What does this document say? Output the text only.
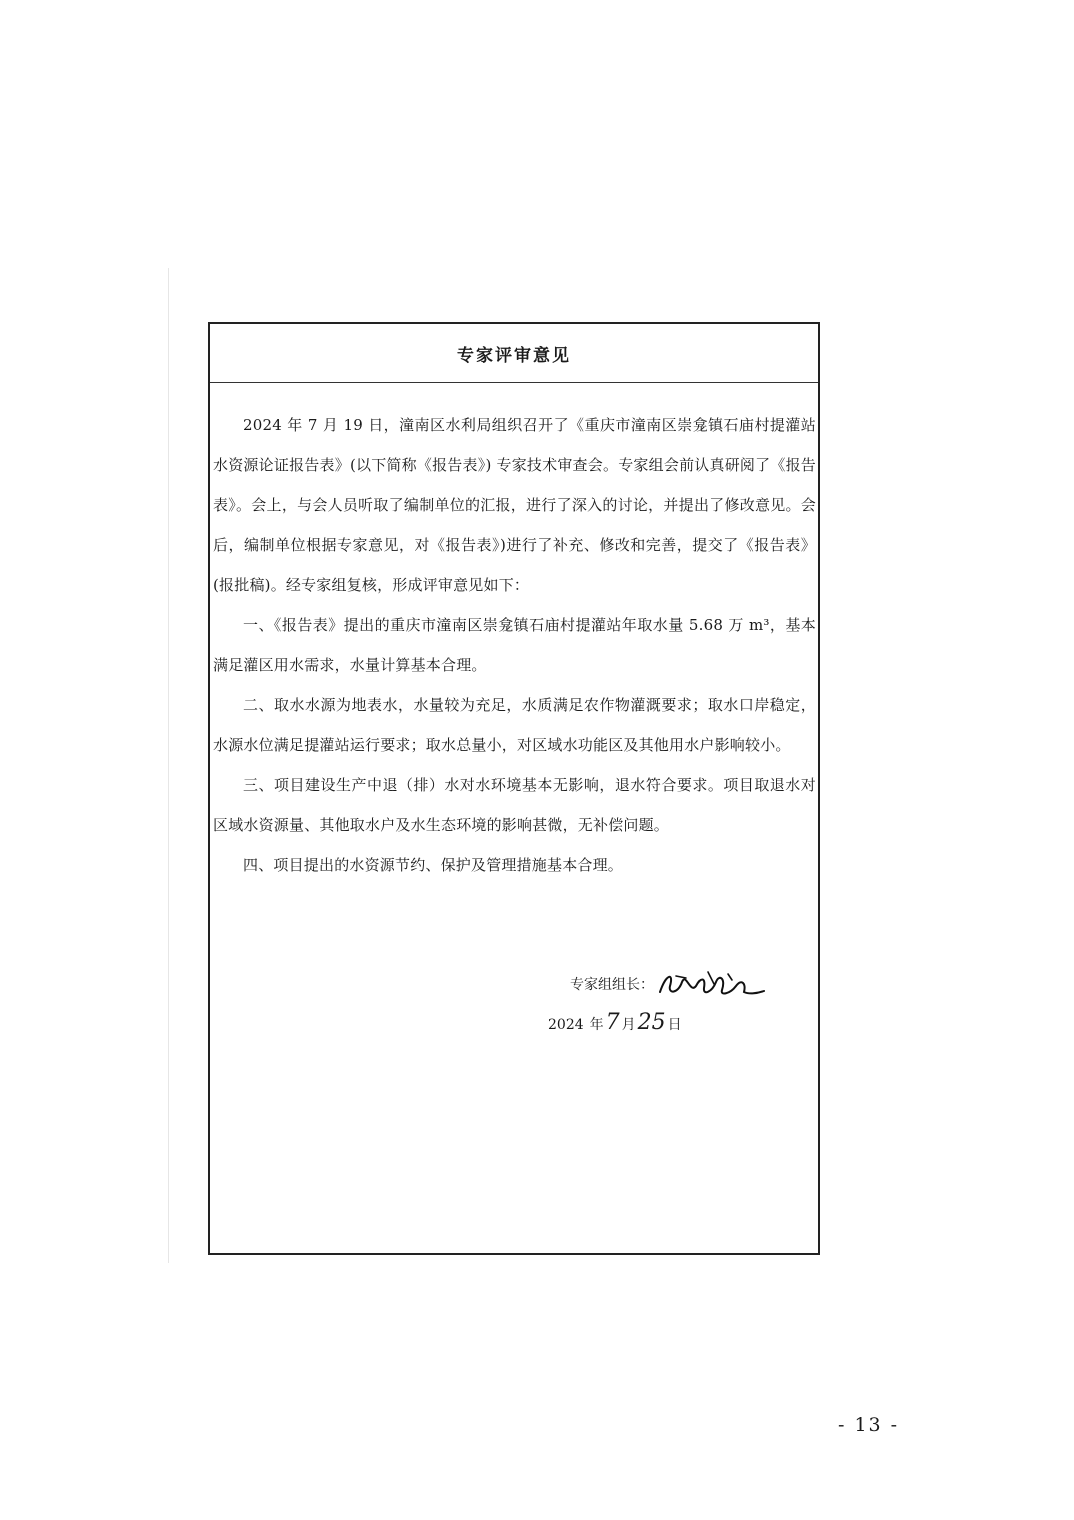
专家评审意见

2024 年 7 月 19 日，潼南区水利局组织召开了《重庆市潼南区崇龛镇石庙村提灌站水资源论证报告表》(以下简称《报告表》) 专家技术审查会。专家组会前认真研阅了《报告表》。会上，与会人员听取了编制单位的汇报，进行了深入的讨论，并提出了修改意见。会后，编制单位根据专家意见，对《报告表》)进行了补充、修改和完善，提交了《报告表》(报批稿)。经专家组复核，形成评审意见如下：

一、《报告表》提出的重庆市潼南区崇龛镇石庙村提灌站年取水量 5.68 万 m³，基本满足灌区用水需求，水量计算基本合理。

二、取水水源为地表水，水量较为充足，水质满足农作物灌溉要求；取水口岸稳定，水源水位满足提灌站运行要求；取水总量小，对区域水功能区及其他用水户影响较小。

三、项目建设生产中退（排）水对水环境基本无影响，退水符合要求。项目取退水对区域水资源量、其他取水户及水生态环境的影响甚微，无补偿问题。

四、项目提出的水资源节约、保护及管理措施基本合理。

专家组组长：
2024 年 7 月 25 日
- 13 -
